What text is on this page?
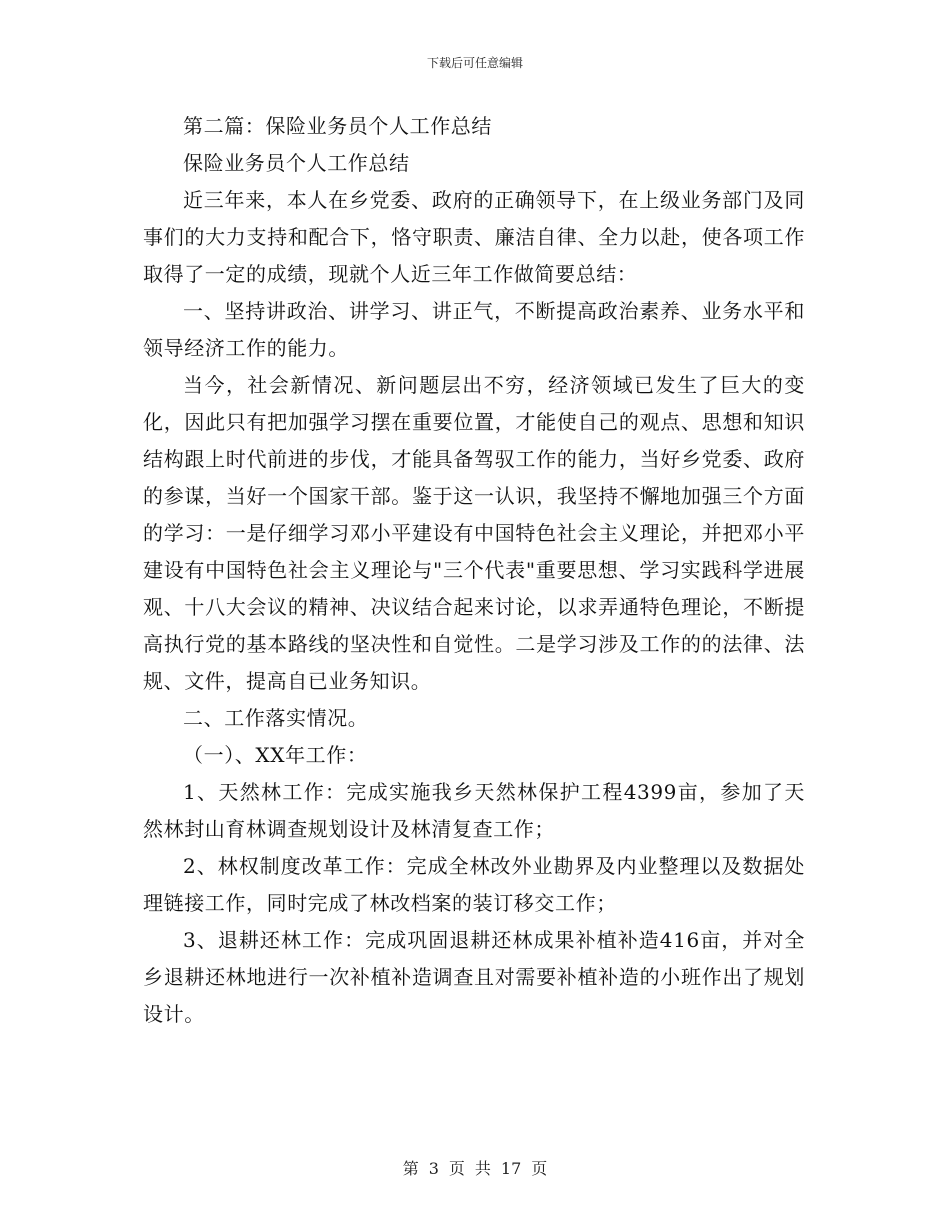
下载后可任意编辑

第二篇：保险业务员个人工作总结

保险业务员个人工作总结

近三年来，本人在乡党委、政府的正确领导下，在上级业务部门及同事们的大力支持和配合下，恪守职责、廉洁自律、全力以赴，使各项工作取得了一定的成绩，现就个人近三年工作做简要总结：

一、坚持讲政治、讲学习、讲正气，不断提高政治素养、业务水平和领导经济工作的能力。

当今，社会新情况、新问题层出不穷，经济领域已发生了巨大的变化，因此只有把加强学习摆在重要位置，才能使自己的观点、思想和知识结构跟上时代前进的步伐，才能具备驾驭工作的能力，当好乡党委、政府的参谋，当好一个国家干部。鉴于这一认识，我坚持不懈地加强三个方面的学习：一是仔细学习邓小平建设有中国特色社会主义理论，并把邓小平建设有中国特色社会主义理论与"三个代表"重要思想、学习实践科学进展观、十八大会议的精神、决议结合起来讨论，以求弄通特色理论，不断提高执行党的基本路线的坚决性和自觉性。二是学习涉及工作的的法律、法规、文件，提高自已业务知识。

二、工作落实情况。

（一）、XX年工作：

1、天然林工作：完成实施我乡天然林保护工程4399亩，参加了天然林封山育林调查规划设计及林清复查工作；

2、林权制度改革工作：完成全林改外业勘界及内业整理以及数据处理链接工作，同时完成了林改档案的装订移交工作；

3、退耕还林工作：完成巩固退耕还林成果补植补造416亩，并对全乡退耕还林地进行一次补植补造调查且对需要补植补造的小班作出了规划设计。

第 3 页 共 17 页
